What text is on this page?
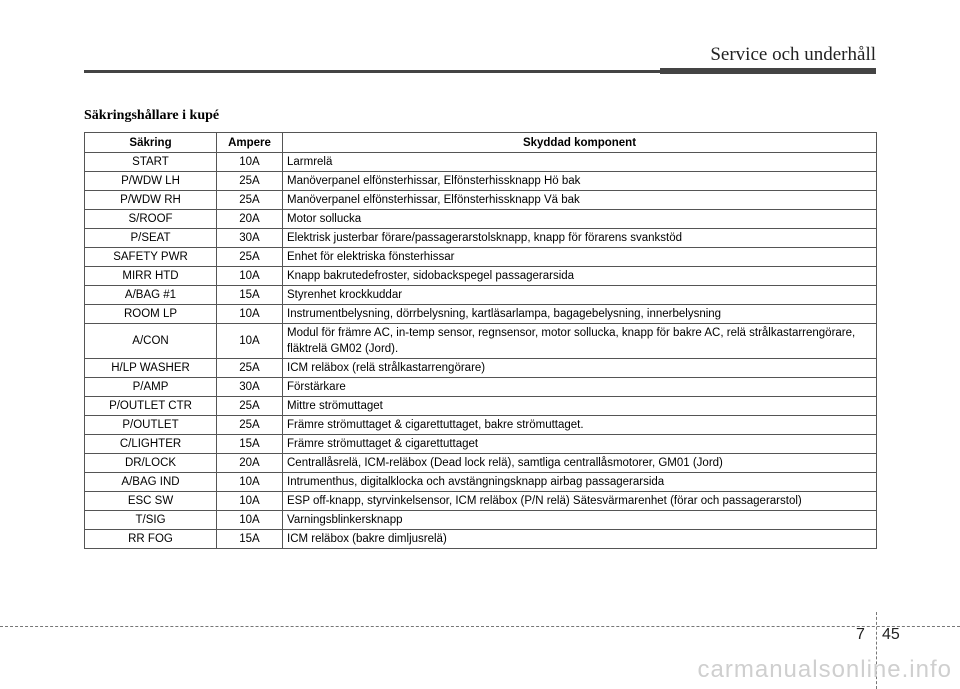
Service och underhåll
Säkringshållare i kupé
Säkring	Ampere	Skyddad komponent
START	10A	Larmrelä
P/WDW LH	25A	Manöverpanel elfönsterhissar, Elfönsterhissknapp Hö bak
P/WDW RH	25A	Manöverpanel elfönsterhissar, Elfönsterhissknapp Vä bak
S/ROOF	20A	Motor sollucka
P/SEAT	30A	Elektrisk justerbar förare/passagerarstolsknapp, knapp för förarens svankstöd
SAFETY PWR	25A	Enhet för elektriska fönsterhissar
MIRR HTD	10A	Knapp bakrutedefroster, sidobackspegel passagerarsida
A/BAG #1	15A	Styrenhet krockkuddar
ROOM LP	10A	Instrumentbelysning, dörrbelysning, kartläsarlampa, bagagebelysning, innerbelysning
A/CON	10A	Modul för främre AC, in-temp sensor, regnsensor, motor sollucka, knapp för bakre AC, relä strålkastarrengörare, fläktrelä GM02 (Jord).
H/LP WASHER	25A	ICM reläbox (relä strålkastarrengörare)
P/AMP	30A	Förstärkare
P/OUTLET CTR	25A	Mittre strömuttaget
P/OUTLET	25A	Främre strömuttaget & cigarettuttaget, bakre strömuttaget.
C/LIGHTER	15A	Främre strömuttaget & cigarettuttaget
DR/LOCK	20A	Centrallåsrelä, ICM-reläbox (Dead lock relä), samtliga centrallåsmotorer, GM01 (Jord)
A/BAG IND	10A	Intrumenthus, digitalklocka och avstängningsknapp airbag passagerarsida
ESC SW	10A	ESP off-knapp, styrvinkelsensor, ICM reläbox (P/N relä) Sätesvärmarenhet (förar och passagerarstol)
T/SIG	10A	Varningsblinkersknapp
RR FOG	15A	ICM reläbox (bakre dimljusrelä)
7 45
carmanualsonline.info
